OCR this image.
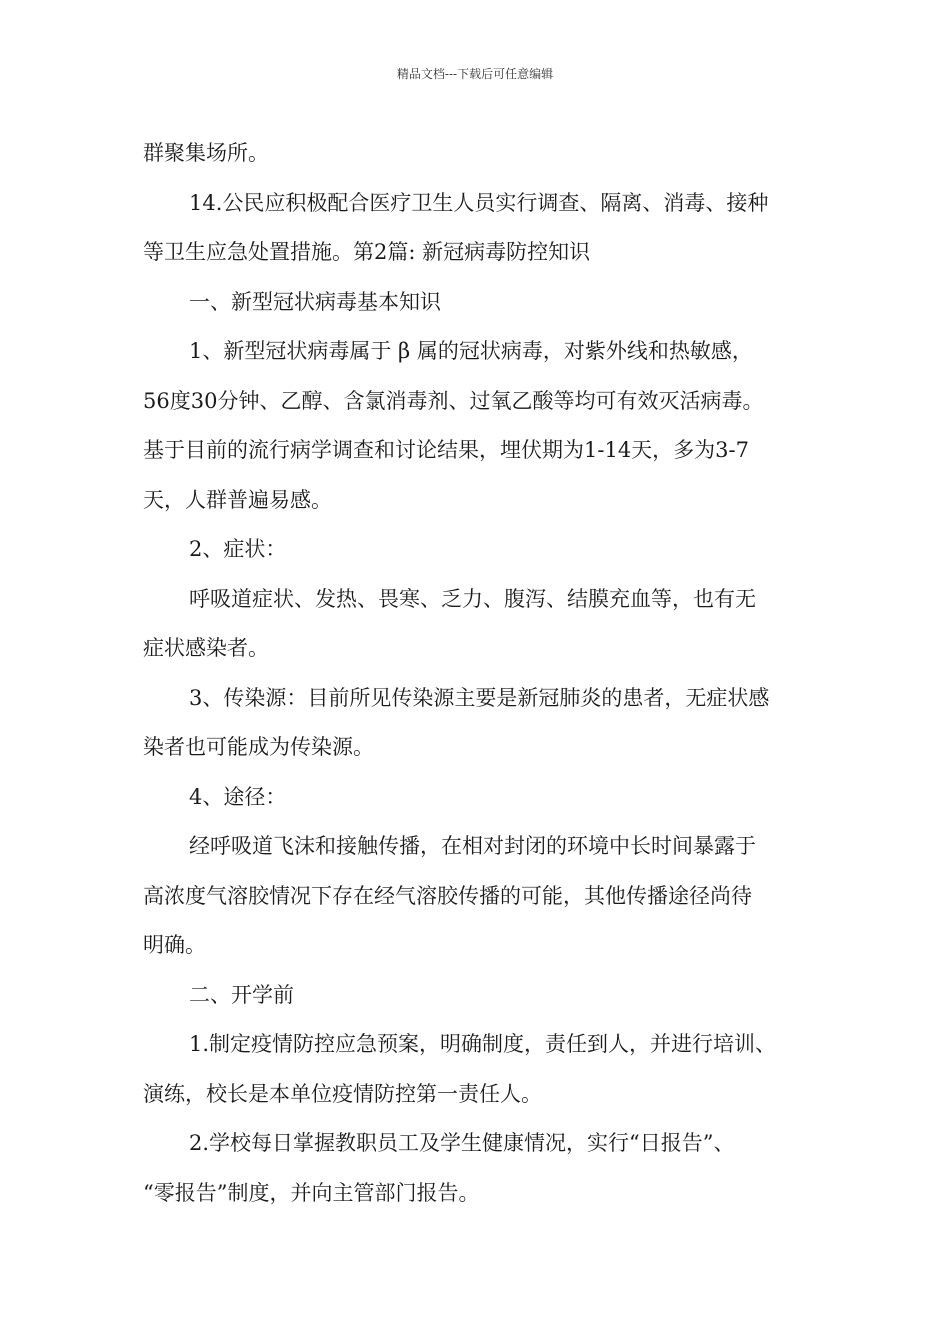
精品文档---下载后可任意编辑
群聚集场所。
14.公民应积极配合医疗卫生人员实行调查、隔离、消毒、接种
等卫生应急处置措施。第2篇: 新冠病毒防控知识
一、新型冠状病毒基本知识
1、新型冠状病毒属于 β 属的冠状病毒，对紫外线和热敏感，
56度30分钟、乙醇、含氯消毒剂、过氧乙酸等均可有效灭活病毒。
基于目前的流行病学调查和讨论结果，埋伏期为1-14天，多为3-7
天，人群普遍易感。
2、症状：
呼吸道症状、发热、畏寒、乏力、腹泻、结膜充血等，也有无
症状感染者。
3、传染源：目前所见传染源主要是新冠肺炎的患者，无症状感
染者也可能成为传染源。
4、途径：
经呼吸道飞沫和接触传播，在相对封闭的环境中长时间暴露于
高浓度气溶胶情况下存在经气溶胶传播的可能，其他传播途径尚待
明确。
二、开学前
1.制定疫情防控应急预案，明确制度，责任到人，并进行培训、
演练，校长是本单位疫情防控第一责任人。
2.学校每日掌握教职员工及学生健康情况，实行“日报告”、
“零报告”制度，并向主管部门报告。
